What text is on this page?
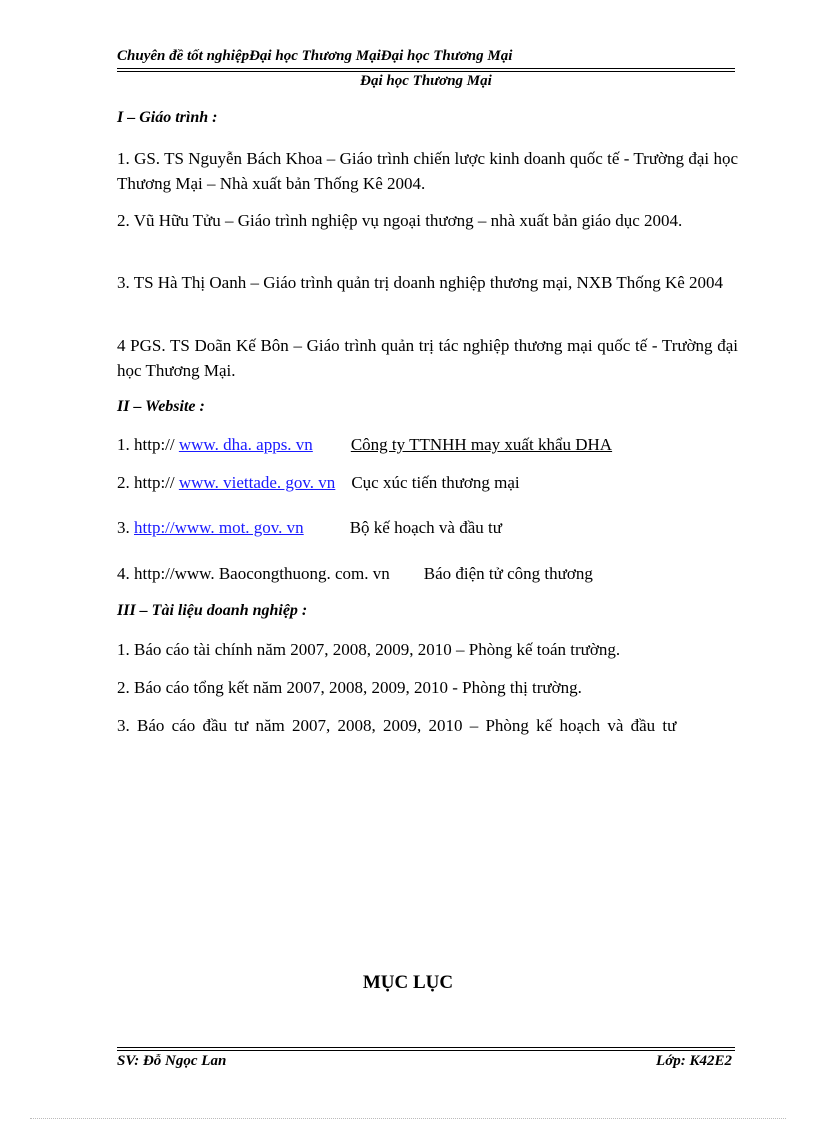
Chuyên đề tốt nghiệpĐại học Thương MạiĐại học Thương Mại
Đại học Thương Mại
I – Giáo trình :
1. GS. TS Nguyễn Bách Khoa – Giáo trình chiến lược kinh doanh quốc tế - Trường đại học Thương Mại – Nhà xuất bản Thống Kê 2004.
2. Vũ Hữu Tửu – Giáo trình nghiệp vụ ngoại thương – nhà xuất bản giáo dục 2004.
3. TS Hà Thị Oanh – Giáo trình quản trị doanh nghiệp thương mại, NXB Thống Kê 2004
4 PGS. TS Doãn Kế Bôn – Giáo trình quản trị tác nghiệp thương mại quốc tế - Trường đại học Thương Mại.
II – Website :
1. http:// www. dha. apps. vn Công ty TTNHH may xuất khẩu DHA
2. http:// www. viettade. gov. vn Cục xúc tiến thương mại
3. http://www. mot. gov. vn	Bộ kế hoạch và đầu tư
4. http://www. Baocongthuong. com. vn Báo điện tử công thương
III – Tài liệu doanh nghiệp :
1. Báo cáo tài chính năm 2007, 2008, 2009, 2010 – Phòng kế toán trường.
2. Báo cáo tổng kết năm 2007, 2008, 2009, 2010 - Phòng thị trường.
3. Báo cáo đầu tư năm 2007, 2008, 2009, 2010 – Phòng kế hoạch và đầu tư
MỤC LỤC
SV: Đỗ Ngọc Lan	Lớp: K42E2
